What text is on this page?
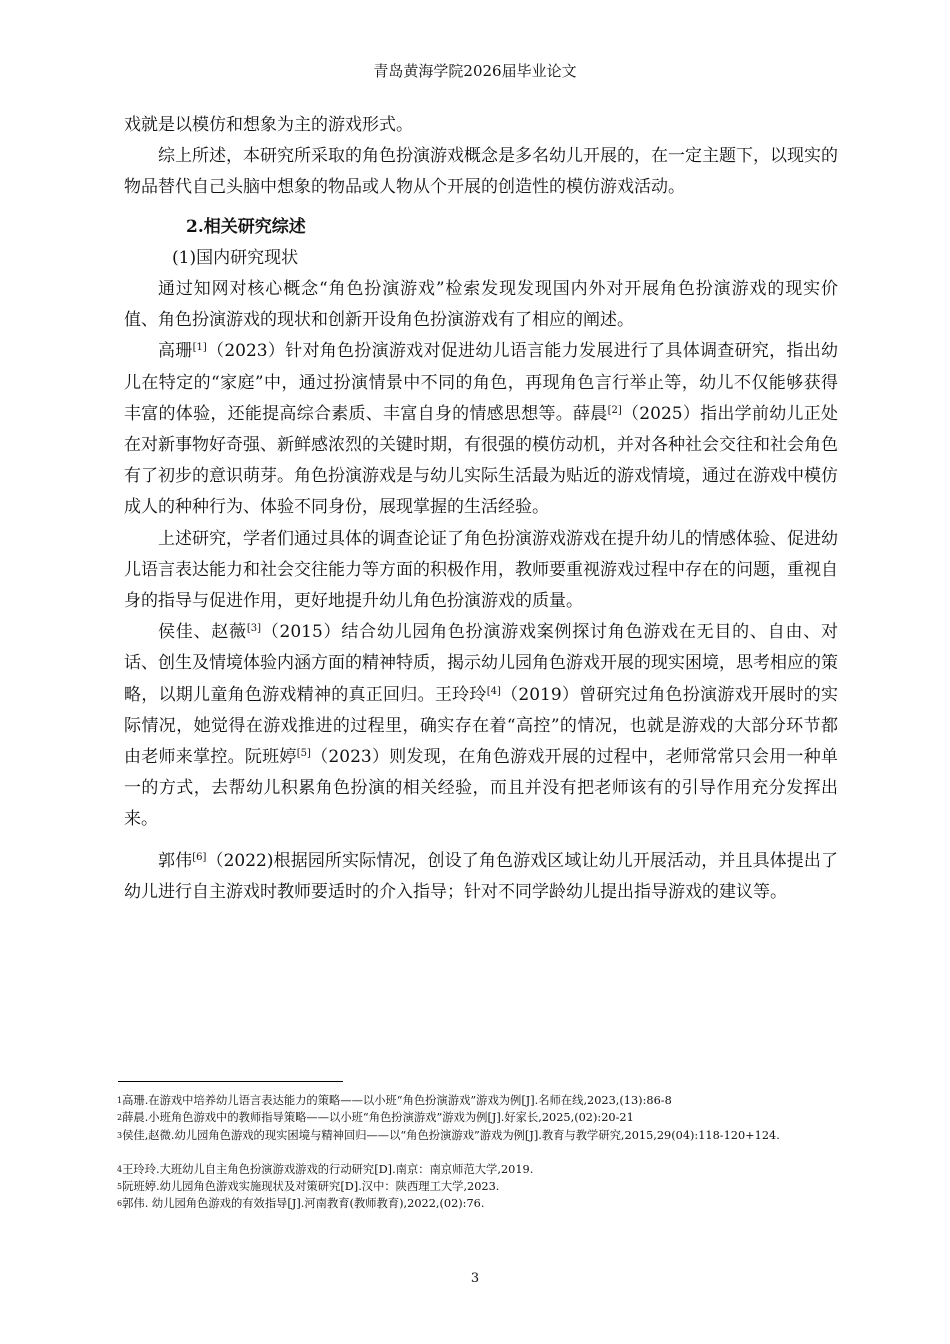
青岛黄海学院2026届毕业论文

戏就是以模仿和想象为主的游戏形式。

综上所述，本研究所采取的角色扮演游戏概念是多名幼儿开展的，在一定主题下，以现实的物品替代自己头脑中想象的物品或人物从个开展的创造性的模仿游戏活动。

2.相关研究综述

(1)国内研究现状

通过知网对核心概念“角色扮演游戏”检索发现发现国内外对开展角色扮演游戏的现实价值、角色扮演游戏的现状和创新开设角色扮演游戏有了相应的阐述。

高珊[1]（2023）针对角色扮演游戏对促进幼儿语言能力发展进行了具体调查研究，指出幼儿在特定的“家庭”中，通过扮演情景中不同的角色，再现角色言行举止等，幼儿不仅能够获得丰富的体验，还能提高综合素质、丰富自身的情感思想等。薛晨[2]（2025）指出学前幼儿正处在对新事物好奇强、新鲜感浓烈的关键时期，有很强的模仿动机，并对各种社会交往和社会角色有了初步的意识萌芽。角色扮演游戏是与幼儿实际生活最为贴近的游戏情境，通过在游戏中模仿成人的种种行为、体验不同身份，展现掌握的生活经验。

上述研究，学者们通过具体的调查论证了角色扮演游戏游戏在提升幼儿的情感体验、促进幼儿语言表达能力和社会交往能力等方面的积极作用，教师要重视游戏过程中存在的问题，重视自身的指导与促进作用，更好地提升幼儿角色扮演游戏的质量。

侯佳、赵薇[3]（2015）结合幼儿园角色扮演游戏案例探讨角色游戏在无目的、自由、对话、创生及情境体验内涵方面的精神特质，揭示幼儿园角色游戏开展的现实困境，思考相应的策略，以期儿童角色游戏精神的真正回归。王玲玲[4]（2019）曾研究过角色扮演游戏开展时的实际情况，她觉得在游戏推进的过程里，确实存在着“高控”的情况，也就是游戏的大部分环节都由老师来掌控。阮班婷[5]（2023）则发现，在角色游戏开展的过程中，老师常常只会用一种单一的方式，去帮幼儿积累角色扮演的相关经验，而且并没有把老师该有的引导作用充分发挥出来。

郭伟[6]（2022)根据园所实际情况，创设了角色游戏区域让幼儿开展活动，并且具体提出了幼儿进行自主游戏时教师要适时的介入指导；针对不同学龄幼儿提出指导游戏的建议等。

$^1$高珊.在游戏中培养幼儿语言表达能力的策略——以小班“角色扮演游戏”游戏为例[J].名师在线,2023,(13):86-8

$^2$薛晨.小班角色游戏中的教师指导策略——以小班“角色扮演游戏”游戏为例[J].好家长,2025,(02):20-21

$^3$侯佳,赵微.幼儿园角色游戏的现实困境与精神回归——以“角色扮演游戏”游戏为例[J].教育与教学研究,2015,29(04):118-120+124.

$^4$王玲玲.大班幼儿自主角色扮演游戏游戏的行动研究[D].南京：南京师范大学,2019.

$^5$阮班婷.幼儿园角色游戏实施现状及对策研究[D].汉中：陕西理工大学,2023.

$^6$郭伟. 幼儿园角色游戏的有效指导[J].河南教育(教师教育),2022,(02):76.

3
